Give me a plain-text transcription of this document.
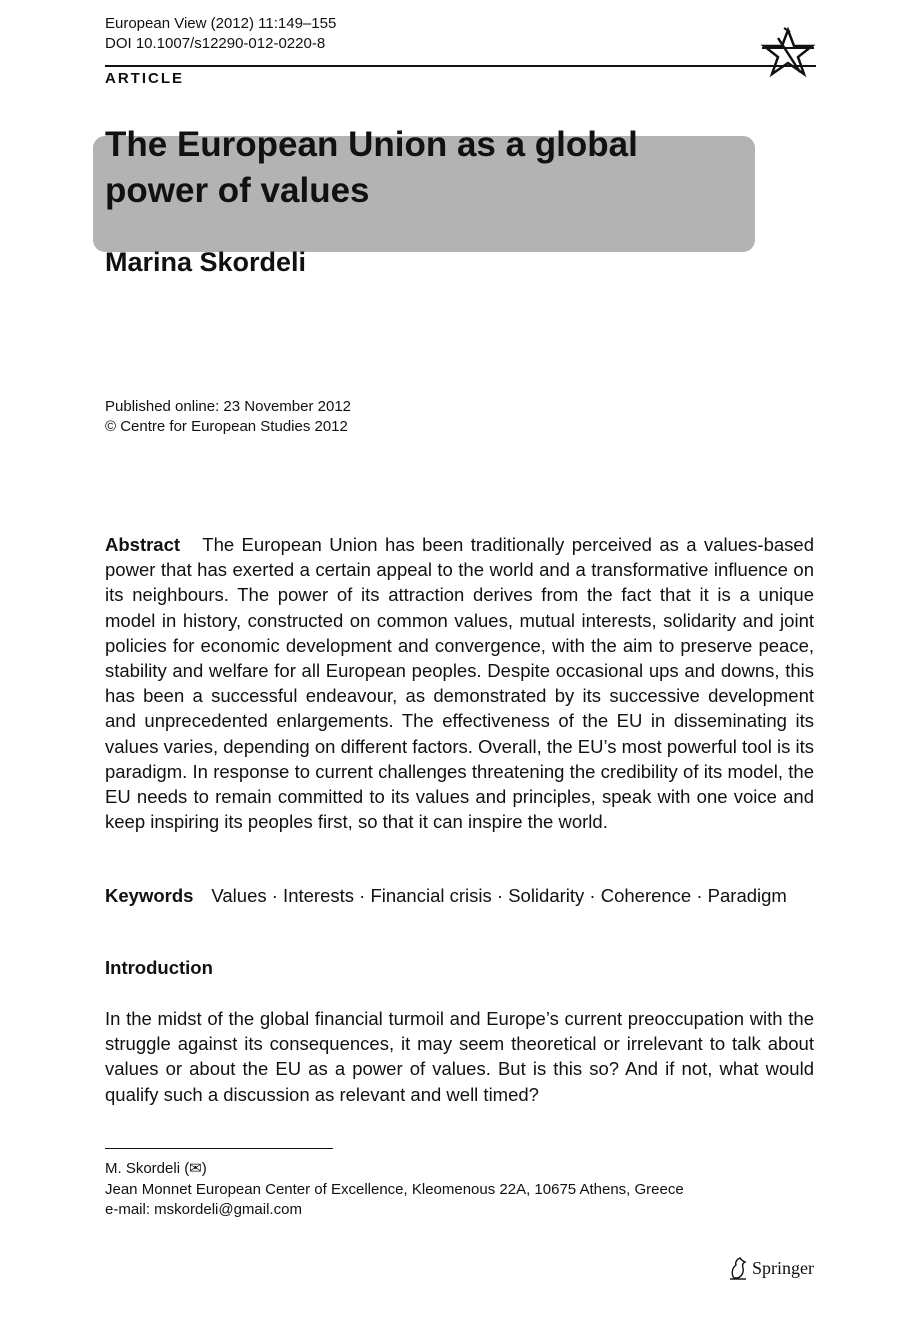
European View (2012) 11:149–155
DOI 10.1007/s12290-012-0220-8
ARTICLE
The European Union as a global
power of values
Marina Skordeli
Published online: 23 November 2012
© Centre for European Studies 2012

Abstract The European Union has been traditionally perceived as a values-based power that has exerted a certain appeal to the world and a transformative influence on its neighbours. The power of its attraction derives from the fact that it is a unique model in history, constructed on common values, mutual interests, solidarity and joint policies for economic development and convergence, with the aim to preserve peace, stability and welfare for all European peoples. Despite occasional ups and downs, this has been a successful endeavour, as demonstrated by its successive development and unprecedented enlargements. The effectiveness of the EU in disseminating its values varies, depending on different factors. Overall, the EU’s most powerful tool is its paradigm. In response to current challenges threatening the credibility of its model, the EU needs to remain committed to its values and principles, speak with one voice and keep inspiring its peoples first, so that it can inspire the world.

Keywords Values · Interests · Financial crisis · Solidarity · Coherence · Paradigm

Introduction

In the midst of the global financial turmoil and Europe’s current preoccupation with the struggle against its consequences, it may seem theoretical or irrelevant to talk about values or about the EU as a power of values. But is this so? And if not, what would qualify such a discussion as relevant and well timed?

M. Skordeli (✉)
Jean Monnet European Center of Excellence, Kleomenous 22A, 10675 Athens, Greece
e-mail: mskordeli@gmail.com
Springer
